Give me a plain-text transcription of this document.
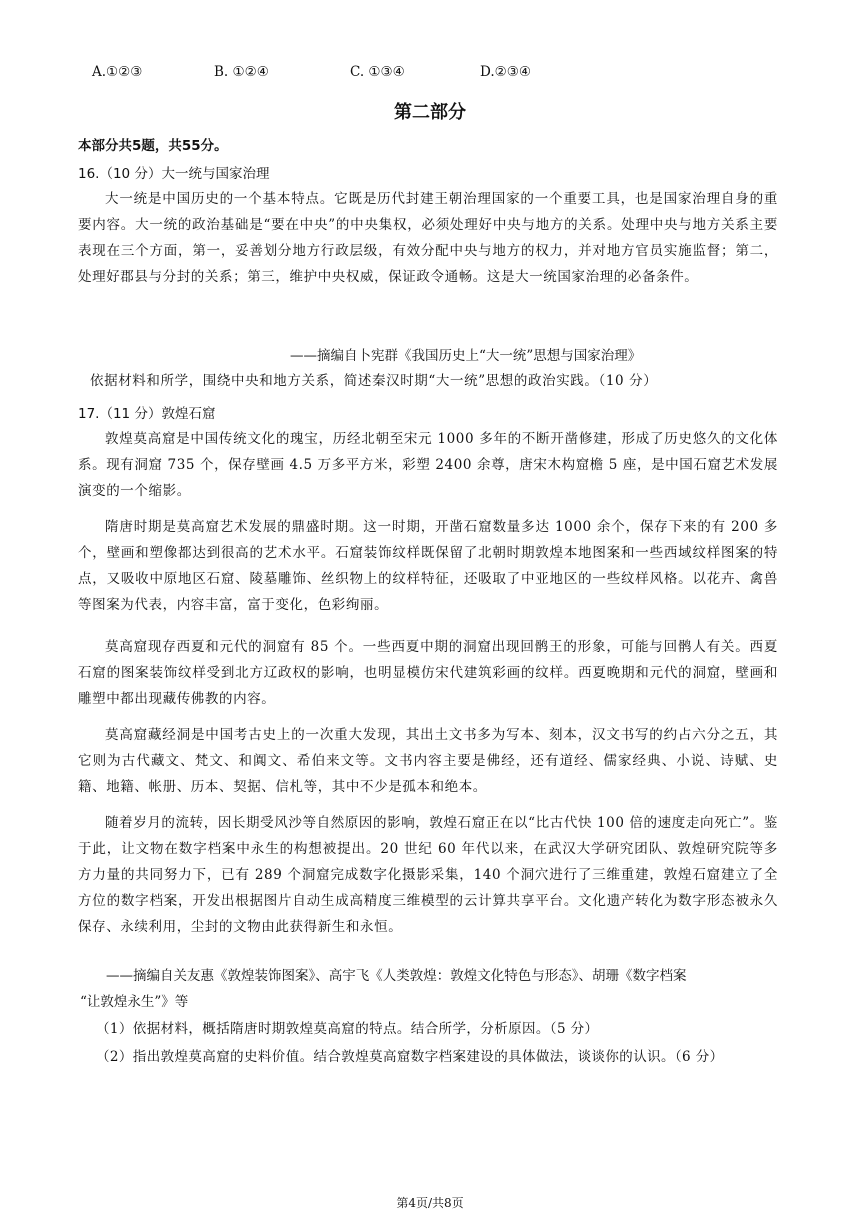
A.①②③	B. ①②④	C. ①③④	D.②③④
第二部分
本部分共5题，共55分。
16.（10 分）大一统与国家治理

大一统是中国历史的一个基本特点。它既是历代封建王朝治理国家的一个重要工具，也是国家治理自身的重要内容。大一统的政治基础是“要在中央”的中央集权，必须处理好中央与地方的关系。处理中央与地方关系主要表现在三个方面，第一，妥善划分地方行政层级，有效分配中央与地方的权力，并对地方官员实施监督；第二，处理好郡县与分封的关系；第三，维护中央权威，保证政令通畅。这是大一统国家治理的必备条件。

——摘编自卜宪群《我国历史上“大一统”思想与国家治理》

依据材料和所学，围绕中央和地方关系，简述秦汉时期“大一统”思想的政治实践。（10 分）

17.（11 分）敦煌石窟

敦煌莫高窟是中国传统文化的瑰宝，历经北朝至宋元 1000 多年的不断开凿修建，形成了历史悠久的文化体系。现有洞窟 735 个，保存壁画 4.5 万多平方米，彩塑 2400 余尊，唐宋木构窟檐 5 座，是中国石窟艺术发展演变的一个缩影。

隋唐时期是莫高窟艺术发展的鼎盛时期。这一时期，开凿石窟数量多达 1000 余个，保存下来的有 200 多个，壁画和塑像都达到很高的艺术水平。石窟装饰纹样既保留了北朝时期敦煌本地图案和一些西域纹样图案的特点，又吸收中原地区石窟、陵墓雕饰、丝织物上的纹样特征，还吸取了中亚地区的一些纹样风格。以花卉、禽兽等图案为代表，内容丰富，富于变化，色彩绚丽。

莫高窟现存西夏和元代的洞窟有 85 个。一些西夏中期的洞窟出现回鹘王的形象，可能与回鹘人有关。西夏石窟的图案装饰纹样受到北方辽政权的影响，也明显模仿宋代建筑彩画的纹样。西夏晚期和元代的洞窟，壁画和雕塑中都出现藏传佛教的内容。

莫高窟藏经洞是中国考古史上的一次重大发现，其出土文书多为写本、刻本，汉文书写的约占六分之五，其它则为古代藏文、梵文、和阗文、希伯来文等。文书内容主要是佛经，还有道经、儒家经典、小说、诗赋、史籍、地籍、帐册、历本、契据、信札等，其中不少是孤本和绝本。

随着岁月的流转，因长期受风沙等自然原因的影响，敦煌石窟正在以“比古代快 100 倍的速度走向死亡”。鉴于此，让文物在数字档案中永生的构想被提出。20 世纪 60 年代以来，在武汉大学研究团队、敦煌研究院等多方力量的共同努力下，已有 289 个洞窟完成数字化摄影采集，140 个洞穴进行了三维重建，敦煌石窟建立了全方位的数字档案，开发出根据图片自动生成高精度三维模型的云计算共享平台。文化遗产转化为数字形态被永久保存、永续利用，尘封的文物由此获得新生和永恒。

——摘编自关友惠《敦煌装饰图案》、高宇飞《人类敦煌：敦煌文化特色与形态》、胡珊《数字档案
“让敦煌永生”》等

（1）依据材料，概括隋唐时期敦煌莫高窟的特点。结合所学，分析原因。（5 分）

（2）指出敦煌莫高窟的史料价值。结合敦煌莫高窟数字档案建设的具体做法，谈谈你的认识。（6 分）

第4页/共8页
